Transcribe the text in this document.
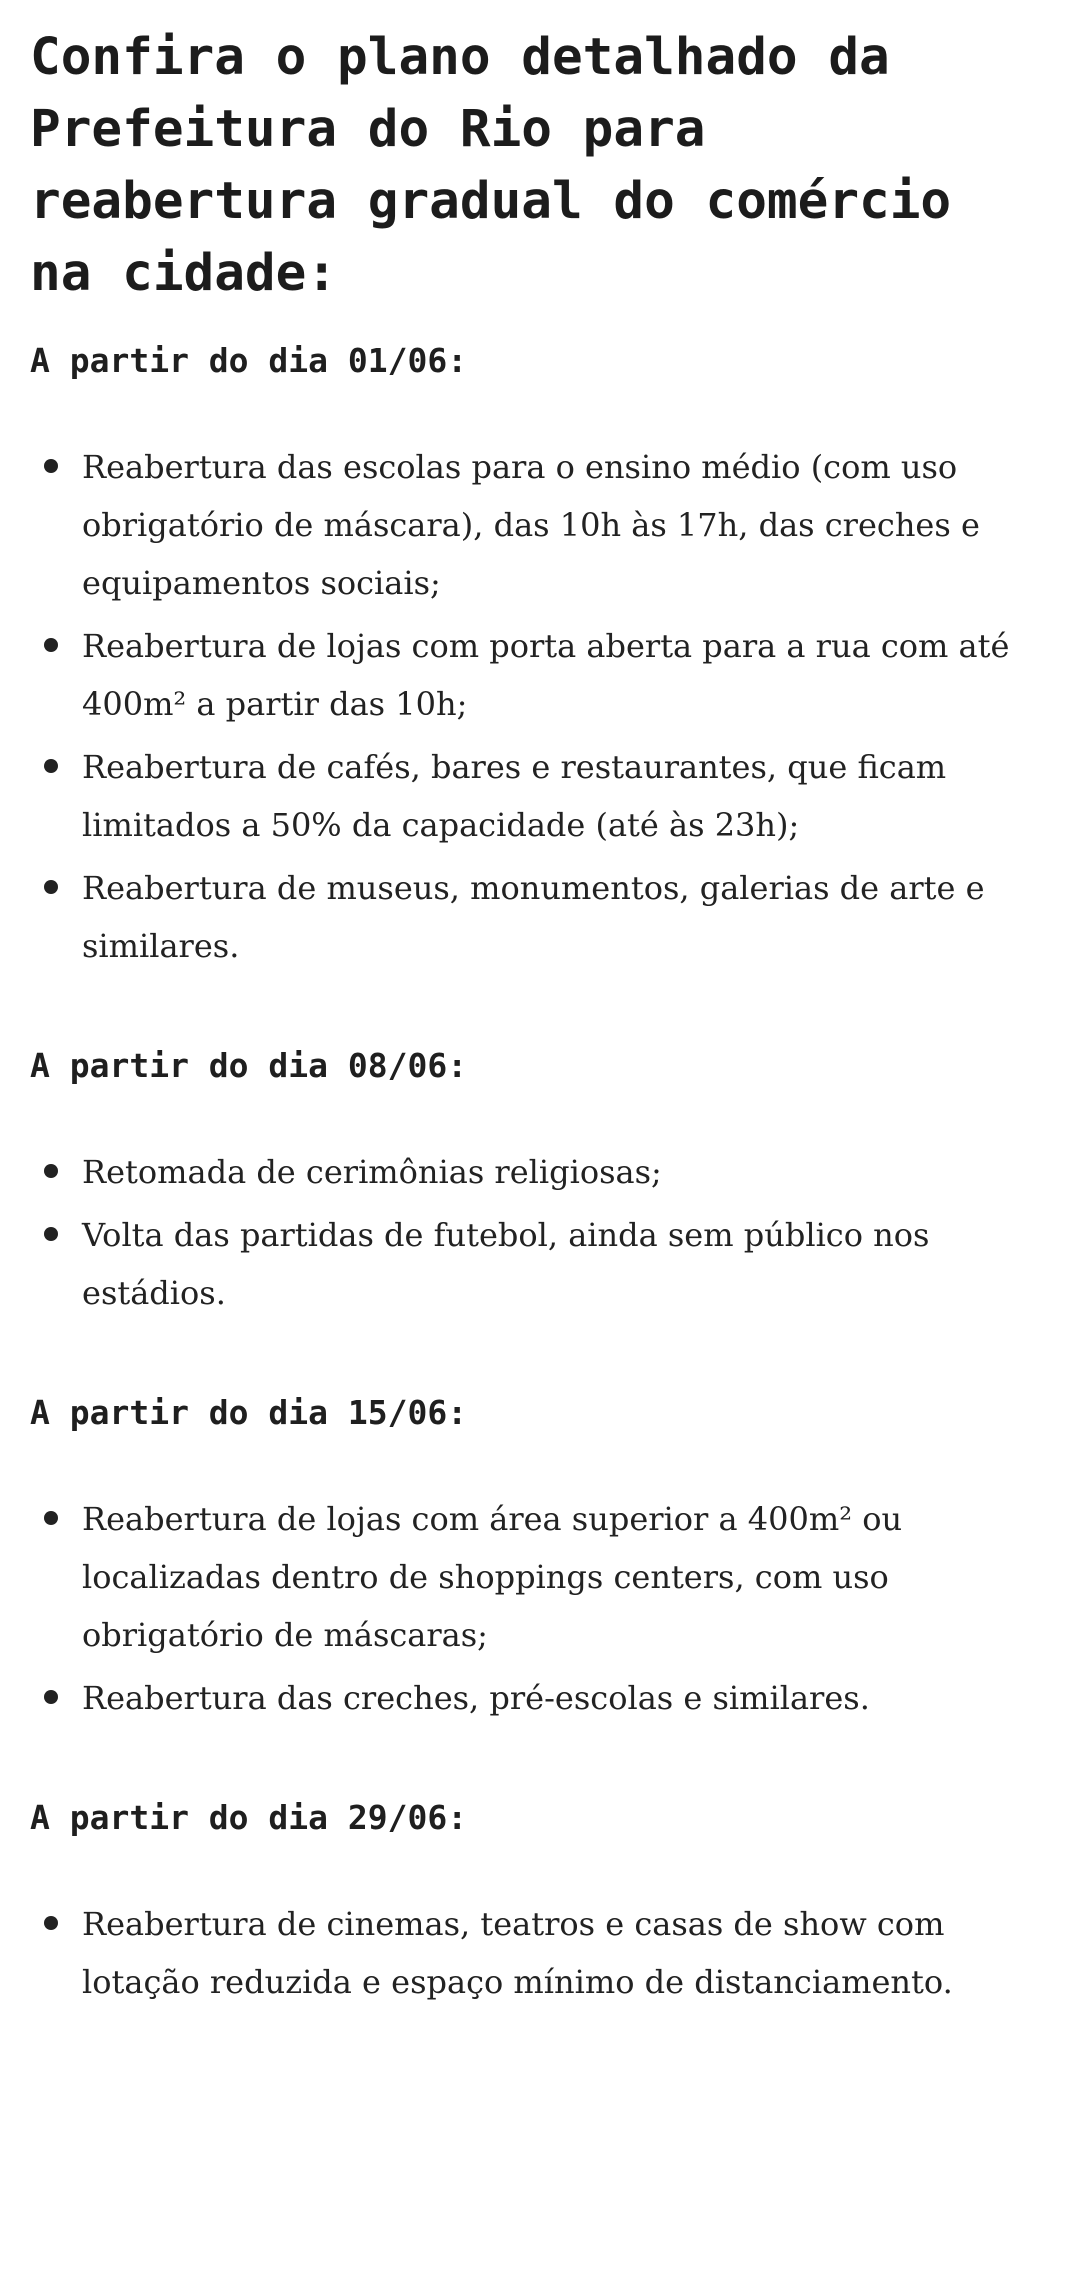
Confira o plano detalhado da Prefeitura do Rio para reabertura gradual do comércio na cidade:
A partir do dia 01/06:
Reabertura das escolas para o ensino médio (com uso obrigatório de máscara), das 10h às 17h, das creches e equipamentos sociais;
Reabertura de lojas com porta aberta para a rua com até 400m² a partir das 10h;
Reabertura de cafés, bares e restaurantes, que ficam limitados a 50% da capacidade (até às 23h);
Reabertura de museus, monumentos, galerias de arte e similares.
A partir do dia 08/06:
Retomada de cerimônias religiosas;
Volta das partidas de futebol, ainda sem público nos estádios.
A partir do dia 15/06:
Reabertura de lojas com área superior a 400m² ou localizadas dentro de shoppings centers, com uso obrigatório de máscaras;
Reabertura das creches, pré-escolas e similares.
A partir do dia 29/06:
Reabertura de cinemas, teatros e casas de show com lotação reduzida e espaço mínimo de distanciamento.
